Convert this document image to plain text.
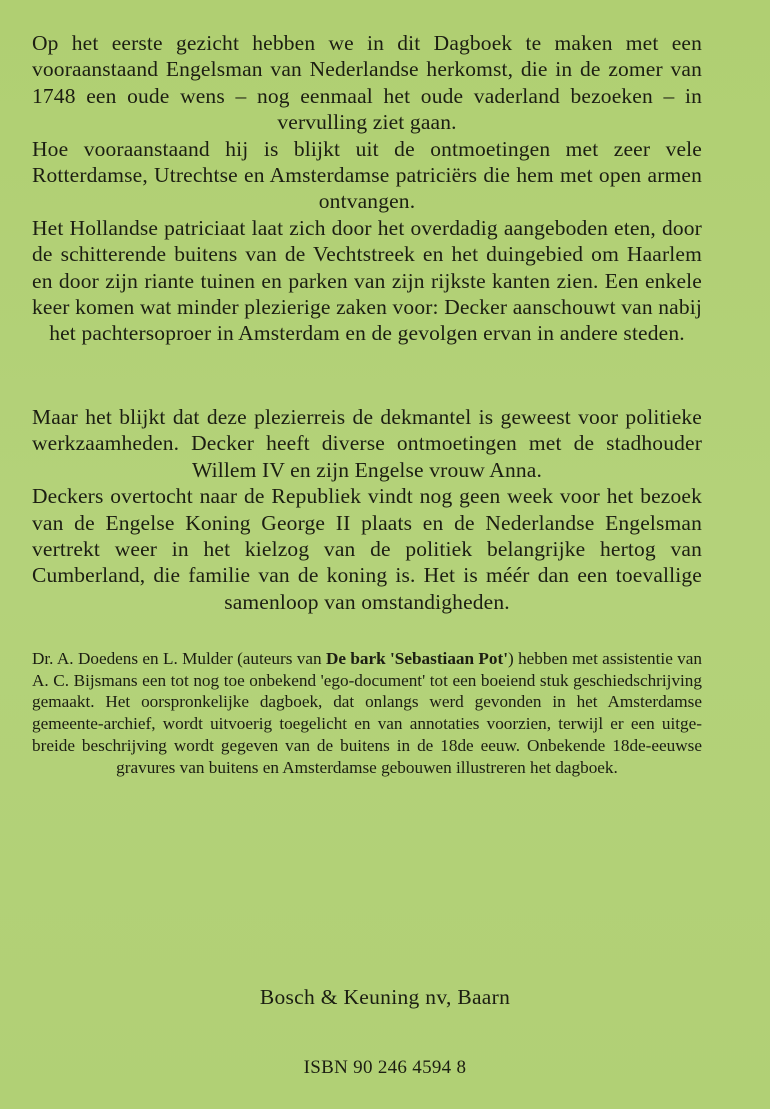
Op het eerste gezicht hebben we in dit Dagboek te maken met een vooraanstaand Engelsman van Nederlandse herkomst, die in de zomer van 1748 een oude wens – nog eenmaal het oude vaderland bezoeken – in vervulling ziet gaan.

Hoe vooraanstaand hij is blijkt uit de ontmoetingen met zeer vele Rotterdamse, Utrechtse en Amsterdamse patriciërs die hem met open armen ontvangen.

Het Hollandse patriciaat laat zich door het overdadig aangeboden eten, door de schitterende buitens van de Vechtstreek en het duingebied om Haarlem en door zijn riante tuinen en parken van zijn rijkste kanten zien. Een enkele keer komen wat minder plezierige zaken voor: Decker aanschouwt van nabij het pachtersoproer in Amsterdam en de gevolgen ervan in andere steden.

Maar het blijkt dat deze plezierreis de dekmantel is geweest voor politieke werkzaamheden. Decker heeft diverse ontmoetingen met de stadhouder Willem IV en zijn Engelse vrouw Anna.

Deckers overtocht naar de Republiek vindt nog geen week voor het bezoek van de Engelse Koning George II plaats en de Nederlandse Engelsman vertrekt weer in het kielzog van de politiek belangrijke hertog van Cumberland, die familie van de koning is. Het is méér dan een toevallige samenloop van omstandigheden.

Dr. A. Doedens en L. Mulder (auteurs van De bark 'Sebastiaan Pot') hebben met assistentie van A. C. Bijsmans een tot nog toe onbekend 'ego-document' tot een boeiend stuk geschiedschrijving gemaakt. Het oorspronkelijke dagboek, dat onlangs werd gevonden in het Amsterdamse gemeente-archief, wordt uitvoerig toegelicht en van annotaties voorzien, terwijl er een uitgebreide beschrijving wordt gegeven van de buitens in de 18de eeuw. Onbekende 18de-eeuwse gravures van buitens en Amsterdamse gebouwen illustreren het dagboek.

Bosch & Keuning nv, Baarn
ISBN 90 246 4594 8
